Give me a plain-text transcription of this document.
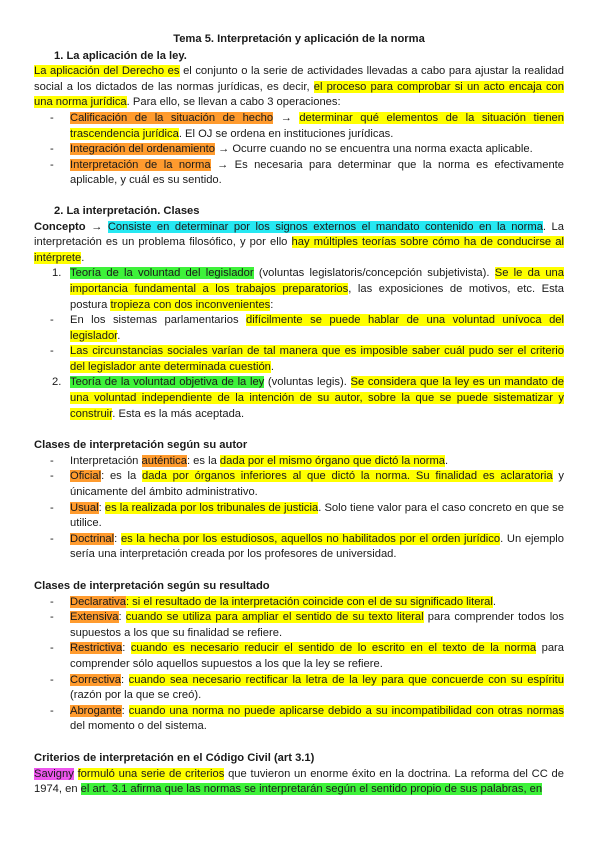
Tema 5. Interpretación y aplicación de la norma
1. La aplicación de la ley.
La aplicación del Derecho es el conjunto o la serie de actividades llevadas a cabo para ajustar la realidad social a los dictados de las normas jurídicas, es decir, el proceso para comprobar si un acto encaja con una norma jurídica. Para ello, se llevan a cabo 3 operaciones:
- Calificación de la situación de hecho → determinar qué elementos de la situación tienen trascendencia jurídica. El OJ se ordena en instituciones jurídicas.
- Integración del ordenamiento → Ocurre cuando no se encuentra una norma exacta aplicable.
- Interpretación de la norma → Es necesaria para determinar que la norma es efectivamente aplicable, y cuál es su sentido.
2. La interpretación. Clases
Concepto → Consiste en determinar por los signos externos el mandato contenido en la norma. La interpretación es un problema filosófico, y por ello hay múltiples teorías sobre cómo ha de conducirse al intérprete.
1. Teoría de la voluntad del legislador (voluntas legislatoris/concepción subjetivista). Se le da una importancia fundamental a los trabajos preparatorios, las exposiciones de motivos, etc. Esta postura tropieza con dos inconvenientes:
- En los sistemas parlamentarios difícilmente se puede hablar de una voluntad unívoca del legislador.
- Las circunstancias sociales varían de tal manera que es imposible saber cuál pudo ser el criterio del legislador ante determinada cuestión.
2. Teoría de la voluntad objetiva de la ley (voluntas legis). Se considera que la ley es un mandato de una voluntad independiente de la intención de su autor, sobre la que se puede sistematizar y construir. Esta es la más aceptada.
Clases de interpretación según su autor
- Interpretación auténtica: es la dada por el mismo órgano que dictó la norma.
- Oficial: es la dada por órganos inferiores al que dictó la norma. Su finalidad es aclaratoria y únicamente del ámbito administrativo.
- Usual: es la realizada por los tribunales de justicia. Solo tiene valor para el caso concreto en que se utilice.
- Doctrinal: es la hecha por los estudiosos, aquellos no habilitados por el orden jurídico. Un ejemplo sería una interpretación creada por los profesores de universidad.
Clases de interpretación según su resultado
- Declarativa: si el resultado de la interpretación coincide con el de su significado literal.
- Extensiva: cuando se utiliza para ampliar el sentido de su texto literal para comprender todos los supuestos a los que su finalidad se refiere.
- Restrictiva: cuando es necesario reducir el sentido de lo escrito en el texto de la norma para comprender sólo aquellos supuestos a los que la ley se refiere.
- Correctiva: cuando sea necesario rectificar la letra de la ley para que concuerde con su espíritu (razón por la que se creó).
- Abrogante: cuando una norma no puede aplicarse debido a su incompatibilidad con otras normas del momento o del sistema.
Criterios de interpretación en el Código Civil (art 3.1)
Savigny formuló una serie de criterios que tuvieron un enorme éxito en la doctrina. La reforma del CC de 1974, en el art. 3.1 afirma que las normas se interpretarán según el sentido propio de sus palabras, en
